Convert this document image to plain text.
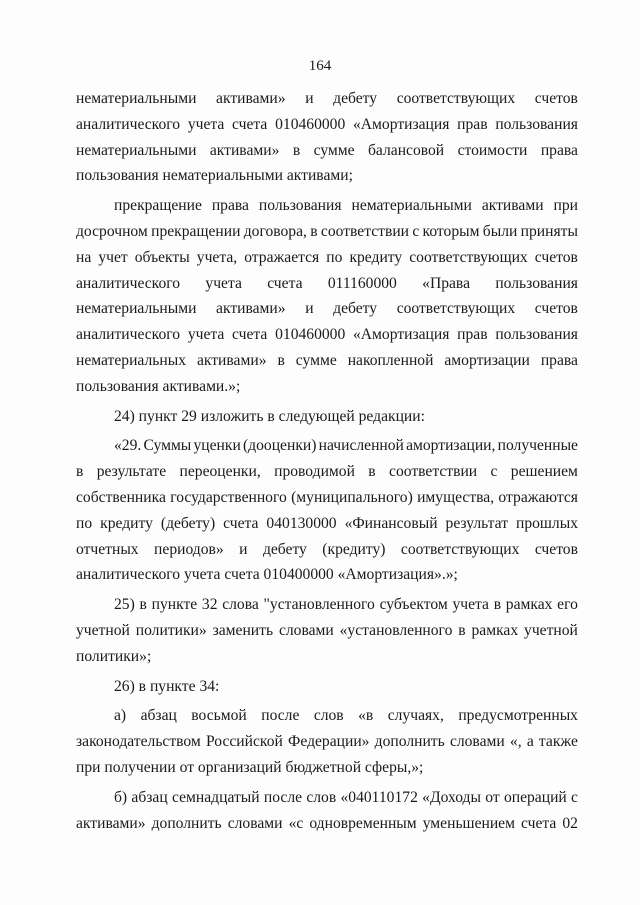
164
нематериальными активами» и дебету соответствующих счетов
аналитического учета счета 010460000 «Амортизация прав пользования
нематериальными активами» в сумме балансовой стоимости права
пользования нематериальными активами;
прекращение права пользования нематериальными активами при
досрочном прекращении договора, в соответствии с которым были приняты
на учет объекты учета, отражается по кредиту соответствующих счетов
аналитического учета счета 011160000 «Права пользования
нематериальными активами» и дебету соответствующих счетов
аналитического учета счета 010460000 «Амортизация прав пользования
нематериальных активами» в сумме накопленной амортизации права
пользования активами.»;
24) пункт 29 изложить в следующей редакции:
«29. Суммы уценки (дооценки) начисленной амортизации, полученные
в результате переоценки, проводимой в соответствии с решением
собственника государственного (муниципального) имущества, отражаются
по кредиту (дебету) счета 040130000 «Финансовый результат прошлых
отчетных периодов» и дебету (кредиту) соответствующих счетов
аналитического учета счета 010400000 «Амортизация».»;
25) в пункте 32 слова "установленного субъектом учета в рамках его
учетной политики» заменить словами «установленного в рамках учетной
политики»;
26) в пункте 34:
а) абзац восьмой после слов «в случаях, предусмотренных
законодательством Российской Федерации» дополнить словами «, а также
при получении от организаций бюджетной сферы,»;
б) абзац семнадцатый после слов «040110172 «Доходы от операций с
активами» дополнить словами «с одновременным уменьшением счета 02
